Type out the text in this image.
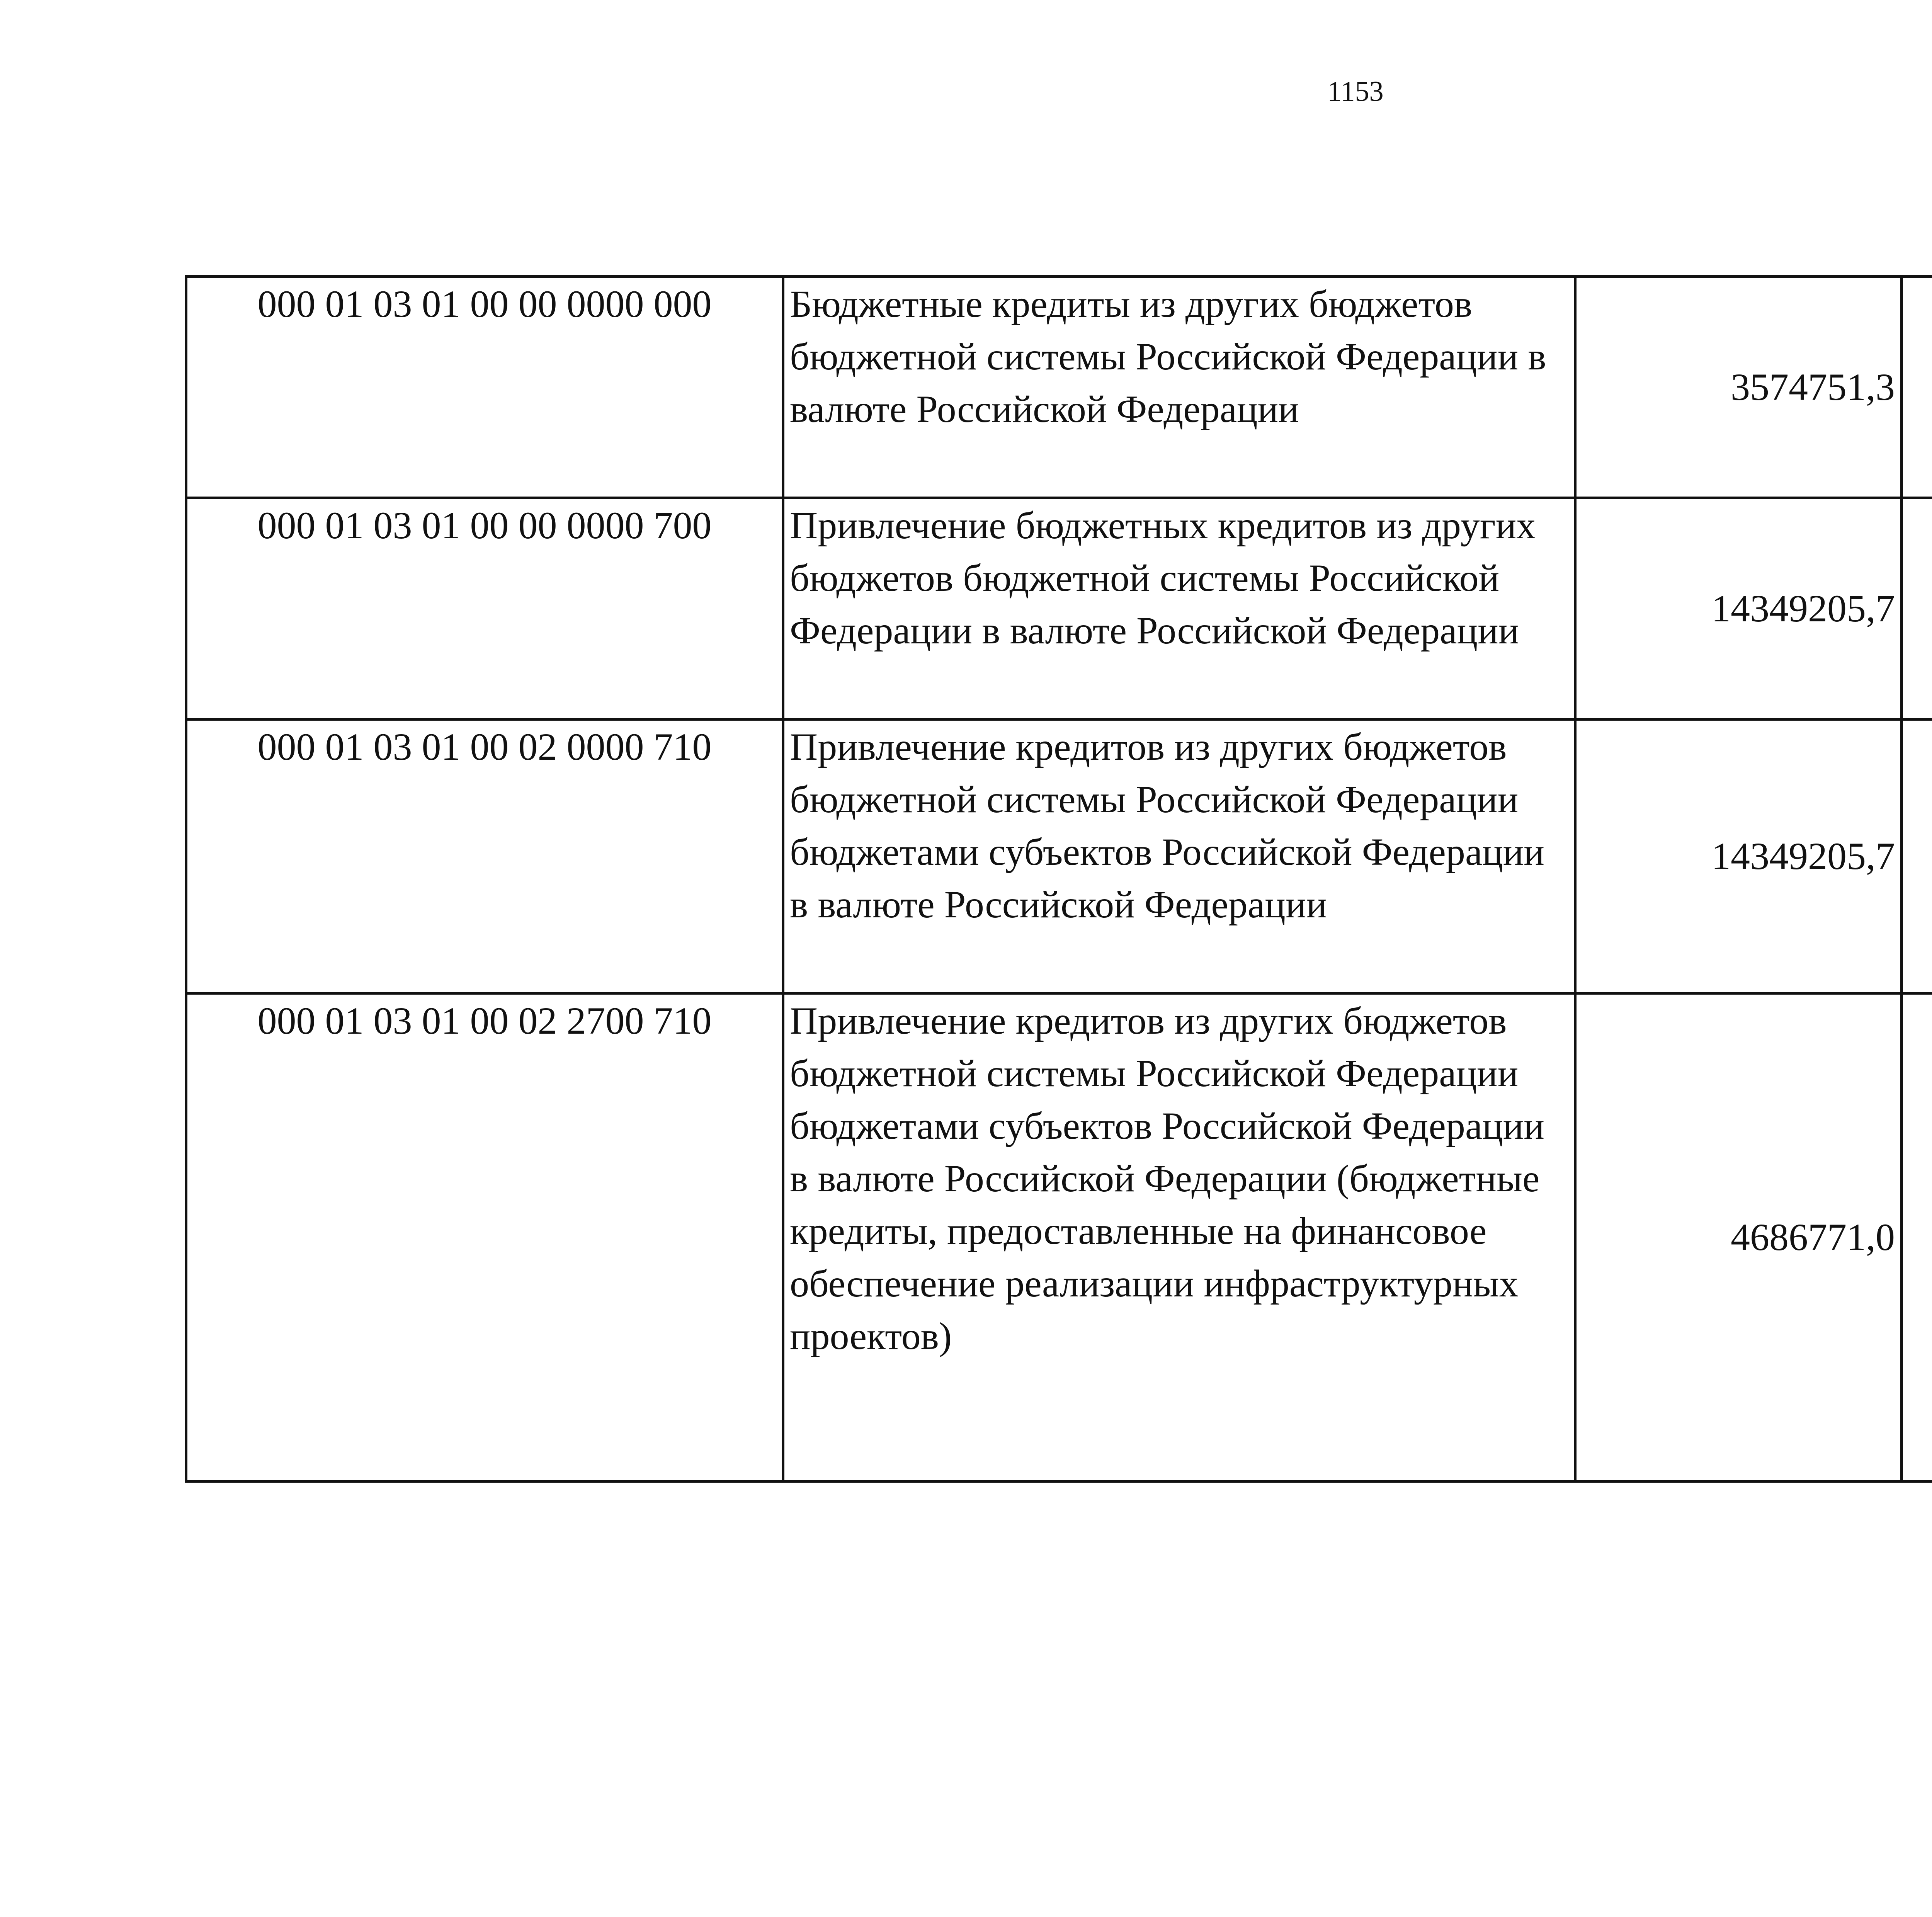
1153
000 01 03 01 00 00 0000 000	Бюджетные кредиты из других бюджетов бюджетной системы Российской Федерации в валюте Российской Федерации	3574751,3		
000 01 03 01 00 00 0000 700	Привлечение бюджетных кредитов из других бюджетов бюджетной системы Российской Федерации в валюте Российской Федерации	14349205,7		
000 01 03 01 00 02 0000 710	Привлечение кредитов из других бюджетов бюджетной системы Российской Федерации бюджетами субъектов Российской Федерации в валюте Российской Федерации	14349205,7		
000 01 03 01 00 02 2700 710	Привлечение кредитов из других бюджетов бюджетной системы Российской Федерации бюджетами субъектов Российской Федерации в валюте Российской Федерации (бюджетные кредиты, предоставленные на финансовое обеспечение реализации инфраструктурных проектов)	4686771,0		
